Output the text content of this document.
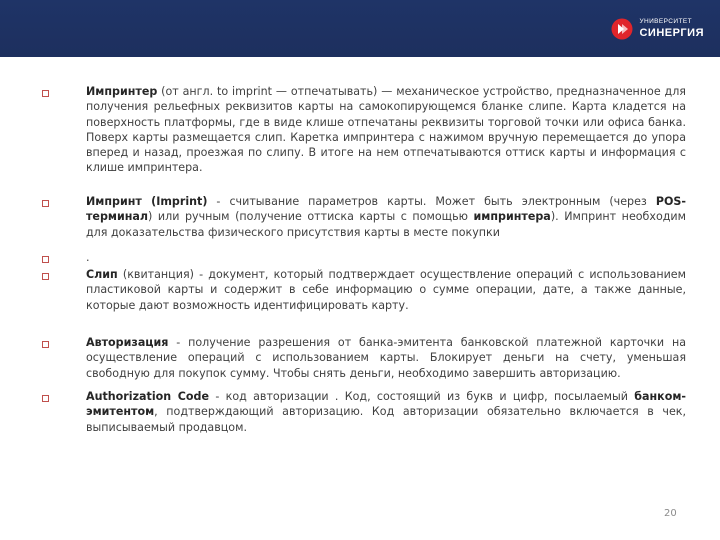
УНИВЕРСИТЕТ
СИНЕРГИЯ
Импринтер (от англ. to imprint — отпечатывать) — механическое устройство, предназначенное для получения рельефных реквизитов карты на самокопирующемся бланке слипе. Карта кладется на поверхность платформы, где в виде клише отпечатаны реквизиты торговой точки или офиса банка. Поверх карты размещается слип. Каретка импринтера с нажимом вручную перемещается до упора вперед и назад, проезжая по слипу. В итоге на нем отпечатываются оттиск карты и информация с клише импринтера.
Импринт (Imprint) - считывание параметров карты. Может быть электронным (через POS-терминал) или ручным (получение оттиска карты с помощью импринтера). Импринт необходим для доказательства физического присутствия карты в месте покупки
.
Слип (квитанция) - документ, который подтверждает осуществление операций с использованием пластиковой карты и содержит в себе информацию о сумме операции, дате, а также данные, которые дают возможность идентифицировать карту.
Авторизация - получение разрешения от банка-эмитента банковской платежной карточки на осуществление операций с использованием карты. Блокирует деньги на счету, уменьшая свободную для покупок сумму. Чтобы снять деньги, необходимо завершить авторизацию.
Authorization Code - код авторизации . Код, состоящий из букв и цифр, посылаемый банком-эмитентом, подтверждающий авторизацию. Код авторизации обязательно включается в чек, выписываемый продавцом.
20
